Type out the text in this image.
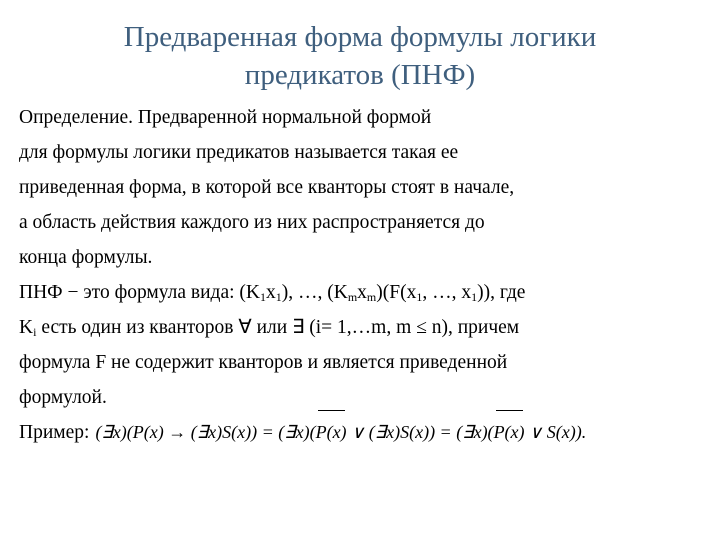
Предваренная форма формулы логики
предикатов (ПНФ)
Определение. Предваренной нормальной формой
для формулы логики предикатов называется такая ее
приведенная форма, в которой все кванторы стоят в начале,
а область действия каждого из них распространяется до
конца формулы.
ПНФ − это формула вида: $(K_1x_1)$, …, $(K_mx_m)(F(x_1$, …, $x_1$)), где
$K_i$ есть один из кванторов ∀ или ∃ (i= 1,…m, m ≤ n), причем
формула F не содержит кванторов и является приведенной
формулой.
Пример: (∃x)(P(x) → (∃x)S(x)) = (∃x)(P(x) ∨ (∃x)S(x)) = (∃x)(P(x) ∨ S(x)).
